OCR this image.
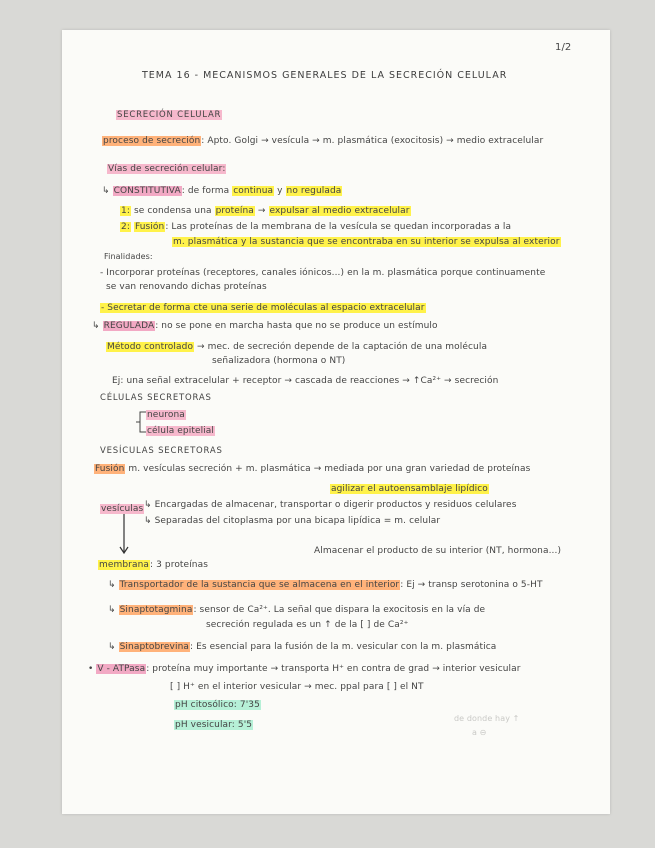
1/2
TEMA 16 - MECANISMOS GENERALES DE LA SECRECIÓN CELULAR
SECRECIÓN CELULAR
proceso de secreción: Apto. Golgi → vesícula → m. plasmática (exocitosis) → medio extracelular
Vías de secreción celular:
↳ CONSTITUTIVA: de forma continua y no regulada
1: se condensa una proteína → expulsar al medio extracelular
2: Fusión: Las proteínas de la membrana de la vesícula se quedan incorporadas a la
m. plasmática y la sustancia que se encontraba en su interior se expulsa al exterior
Finalidades:
- Incorporar proteínas (receptores, canales iónicos...) en la m. plasmática porque continuamente
se van renovando dichas proteínas
- Secretar de forma cte una serie de moléculas al espacio extracelular
↳ REGULADA: no se pone en marcha hasta que no se produce un estímulo
Método controlado → mec. de secreción depende de la captación de una molécula
señalizadora (hormona o NT)
Ej: una señal extracelular + receptor → cascada de reacciones → ↑Ca²⁺ → secreción
CÉLULAS SECRETORAS
neurona
célula epitelial
VESÍCULAS SECRETORAS
Fusión m. vesículas secreción + m. plasmática → mediada por una gran variedad de proteínas
agilizar el autoensamblaje lipídico
vesículas ↳ Encargadas de almacenar, transportar o digerir productos y residuos celulares
↳ Separadas del citoplasma por una bicapa lipídica = m. celular
Almacenar el producto de su interior (NT, hormona...)
membrana: 3 proteínas
↳ Transportador de la sustancia que se almacena en el interior: Ej → transp serotonina o 5-HT
↳ Sinaptotagmina: sensor de Ca²⁺. La señal que dispara la exocitosis en la vía de
secreción regulada es un ↑ de la [ ] de Ca²⁺
↳ Sinaptobrevina: Es esencial para la fusión de la m. vesicular con la m. plasmática
• V - ATPasa: proteína muy importante → transporta H⁺ en contra de grad → interior vesicular
[ ] H⁺ en el interior vesicular → mec. ppal para [ ] el NT
pH citosólico: 7'35
pH vesicular: 5'5
de donde hay ↑
a ⊖
